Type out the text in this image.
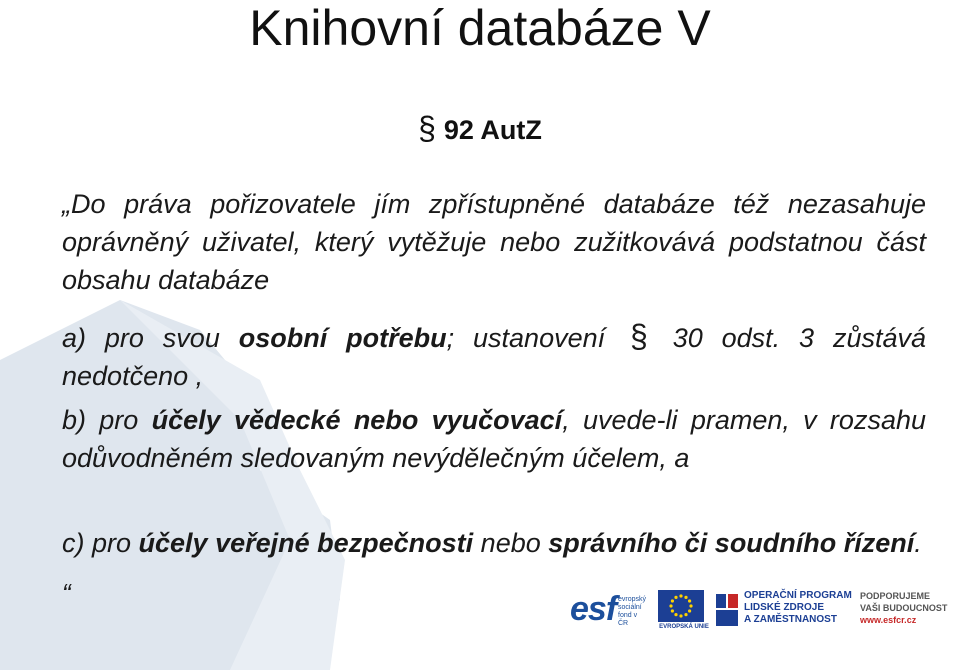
Knihovní databáze V
§ 92 AutZ

„Do práva pořizovatele jím zpřístupněné databáze též nezasahuje oprávněný uživatel, který vytěžuje nebo zužitkovává podstatnou část obsahu databáze

a) pro svou osobní potřebu; ustanovení § 30 odst. 3 zůstává nedotčeno ,

b) pro účely vědecké nebo vyučovací, uvede-li pramen, v rozsahu odůvodněném sledovaným nevýdělečným účelem, a

c) pro účely veřejné bezpečnosti nebo správního či soudního řízení.

“	esf evropský sociální fond v ČR	EVROPSKÁ UNIE
OPERAČNÍ PROGRAM
LIDSKÉ ZDROJE
A ZAMĚSTNANOST
PODPORUJEME
VAŠI BUDOUCNOST
www.esfcr.cz
